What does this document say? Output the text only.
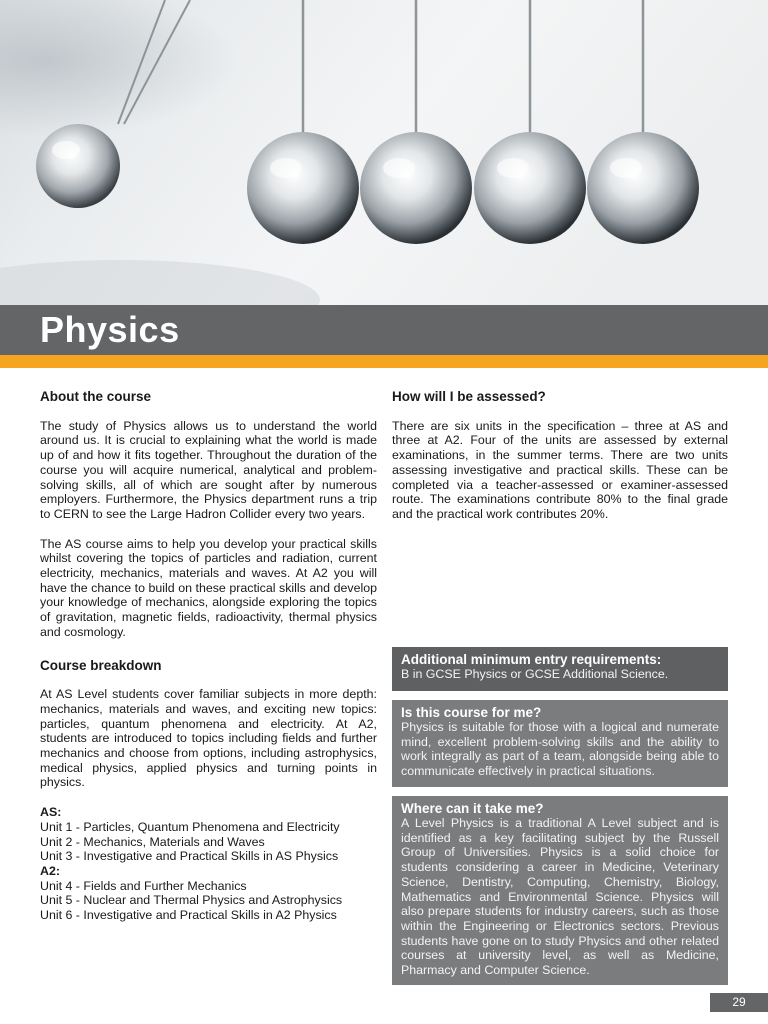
Physics
About the course

The study of Physics allows us to understand the world around us. It is crucial to explaining what the world is made up of and how it fits together. Throughout the duration of the course you will acquire numerical, analytical and problem-solving skills, all of which are sought after by numerous employers. Furthermore, the Physics department runs a trip to CERN to see the Large Hadron Collider every two years.

The AS course aims to help you develop your practical skills whilst covering the topics of particles and radiation, current electricity, mechanics, materials and waves. At A2 you will have the chance to build on these practical skills and develop your knowledge of mechanics, alongside exploring the topics of gravitation, magnetic fields, radioactivity, thermal physics and cosmology.

Course breakdown

At AS Level students cover familiar subjects in more depth: mechanics, materials and waves, and exciting new topics: particles, quantum phenomena and electricity. At A2, students are introduced to topics including fields and further mechanics and choose from options, including astrophysics, medical physics, applied physics and turning points in physics.

AS:
Unit 1 - Particles, Quantum Phenomena and Electricity
Unit 2 - Mechanics, Materials and Waves
Unit 3 - Investigative and Practical Skills in AS Physics
A2:
Unit 4 - Fields and Further Mechanics
Unit 5 - Nuclear and Thermal Physics and Astrophysics
Unit 6 - Investigative and Practical Skills in A2 Physics
How will I be assessed?

There are six units in the specification – three at AS and three at A2. Four of the units are assessed by external examinations, in the summer terms. There are two units assessing investigative and practical skills. These can be completed via a teacher-assessed or examiner-assessed route. The examinations contribute 80% to the final grade and the practical work contributes 20%.

Additional minimum entry requirements:

B in GCSE Physics or GCSE Additional Science.

Is this course for me?

Physics is suitable for those with a logical and numerate mind, excellent problem-solving skills and the ability to work integrally as part of a team, alongside being able to communicate effectively in practical situations.

Where can it take me?

A Level Physics is a traditional A Level subject and is identified as a key facilitating subject by the Russell Group of Universities. Physics is a solid choice for students considering a career in Medicine, Veterinary Science, Dentistry, Computing, Chemistry, Biology, Mathematics and Environmental Science. Physics will also prepare students for industry careers, such as those within the Engineering or Electronics sectors. Previous students have gone on to study Physics and other related courses at university level, as well as Medicine, Pharmacy and Computer Science.

29
